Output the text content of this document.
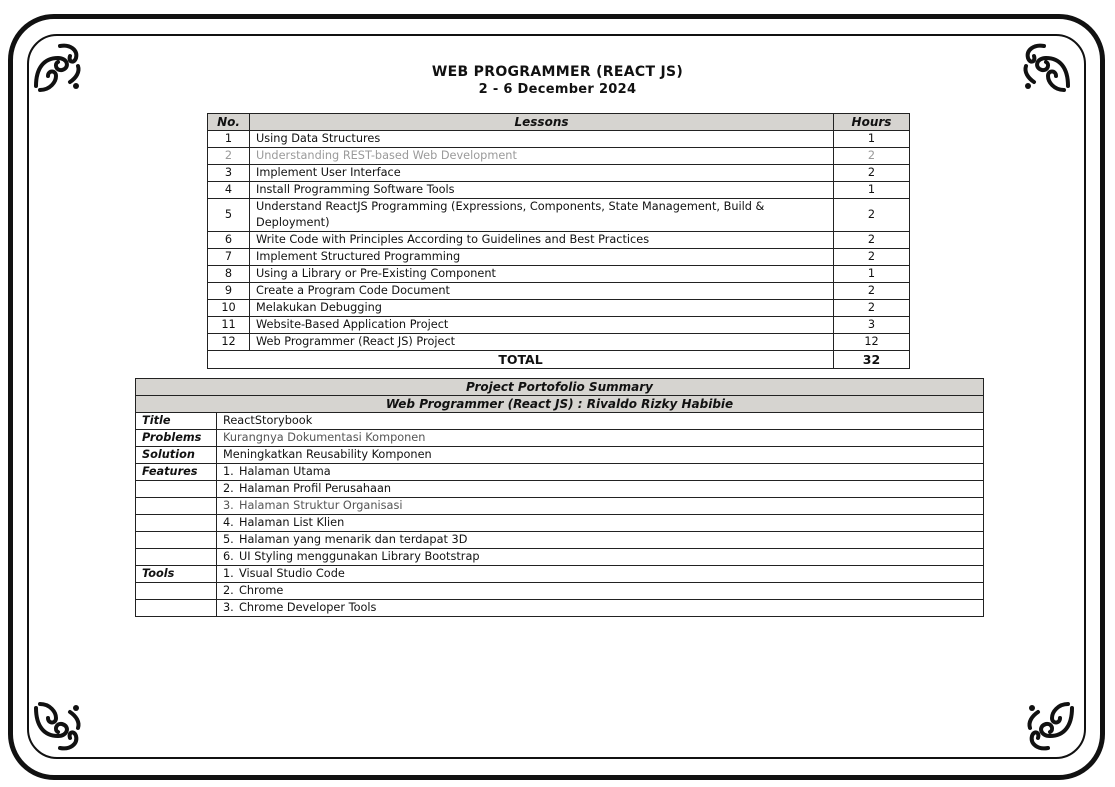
WEB PROGRAMMER (REACT JS)
2 - 6 December 2024
No.	Lessons	Hours
1	Using Data Structures	1
2	Understanding REST-based Web Development	2
3	Implement User Interface	2
4	Install Programming Software Tools	1
5	Understand ReactJS Programming (Expressions, Components, State Management, Build & Deployment)	2
6	Write Code with Principles According to Guidelines and Best Practices	2
7	Implement Structured Programming	2
8	Using a Library or Pre-Existing Component	1
9	Create a Program Code Document	2
10	Melakukan Debugging	2
11	Website-Based Application Project	3
12	Web Programmer (React JS) Project	12
TOTAL		32
Project Portofolio Summary	
Web Programmer (React JS) : Rivaldo Rizky Habibie	
Title	ReactStorybook
Problems	Kurangnya Dokumentasi Komponen
Solution	Meningkatkan Reusability Komponen
Features	1. Halaman Utama
	2. Halaman Profil Perusahaan
	3. Halaman Struktur Organisasi
	4. Halaman List Klien
	5. Halaman yang menarik dan terdapat 3D
	6. UI Styling menggunakan Library Bootstrap
Tools	1. Visual Studio Code
	2. Chrome
	3. Chrome Developer Tools
